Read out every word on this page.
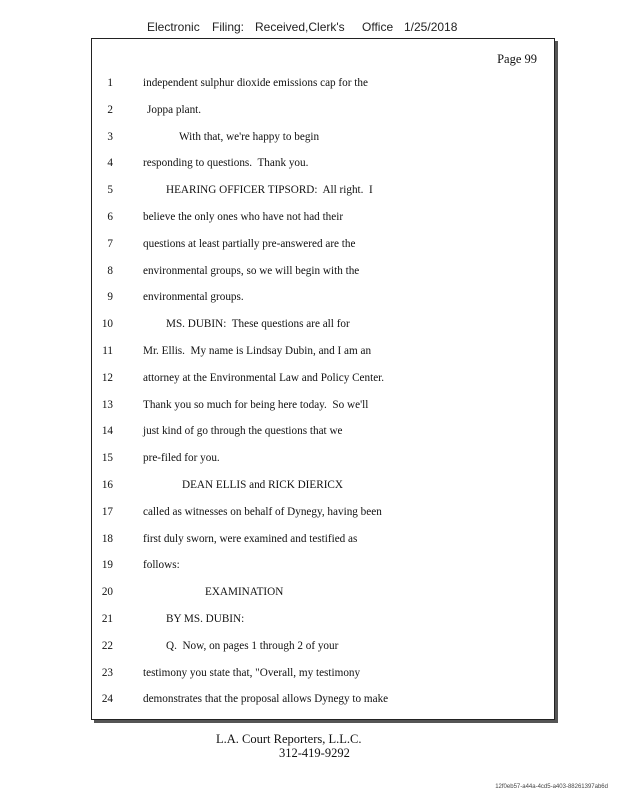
Electronic Filing: Received,Clerk's Office 1/25/2018
Page 99
1	independent sulphur dioxide emissions cap for the
2	Joppa plant.
3	With that, we're happy to begin
4	responding to questions.  Thank you.
5	HEARING OFFICER TIPSORD:  All right.  I
6	believe the only ones who have not had their
7	questions at least partially pre-answered are the
8	environmental groups, so we will begin with the
9	environmental groups.
10	MS. DUBIN:  These questions are all for
11	Mr. Ellis.  My name is Lindsay Dubin, and I am an
12	attorney at the Environmental Law and Policy Center.
13	Thank you so much for being here today.  So we'll
14	just kind of go through the questions that we
15	pre-filed for you.
16	DEAN ELLIS and RICK DIERICX
17	called as witnesses on behalf of Dynegy, having been
18	first duly sworn, were examined and testified as
19	follows:
20	EXAMINATION
21	BY MS. DUBIN:
22	Q.  Now, on pages 1 through 2 of your
23	testimony you state that, "Overall, my testimony
24	demonstrates that the proposal allows Dynegy to make
L.A. Court Reporters, L.L.C.
312-419-9292
12f0eb57-a44a-4cd5-a403-88261397ab6d
